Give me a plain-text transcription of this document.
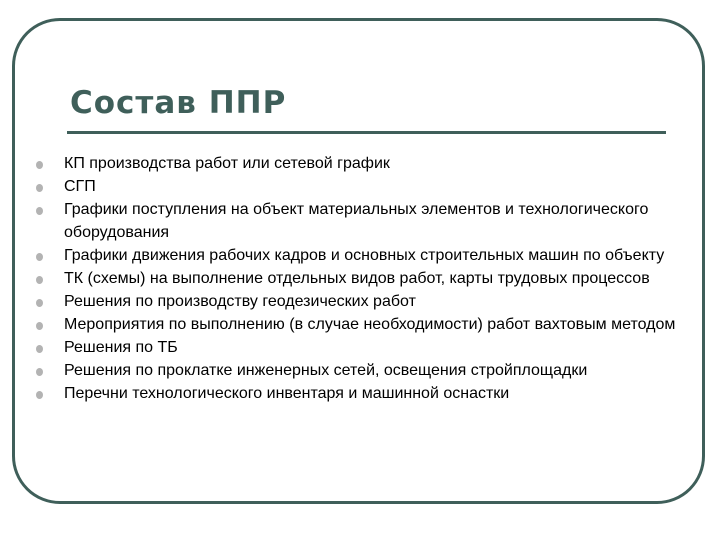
Состав ППР
КП производства работ или сетевой график
СГП
Графики поступления на объект материальных элементов и технологического оборудования
Графики движения рабочих кадров и основных строительных машин по объекту
ТК (схемы) на выполнение отдельных видов работ, карты трудовых процессов
Решения по производству геодезических работ
Мероприятия по выполнению (в случае необходимости) работ вахтовым методом
Решения по ТБ
Решения по проклатке инженерных сетей, освещения стройплощадки
Перечни технологического инвентаря и машинной оснастки
